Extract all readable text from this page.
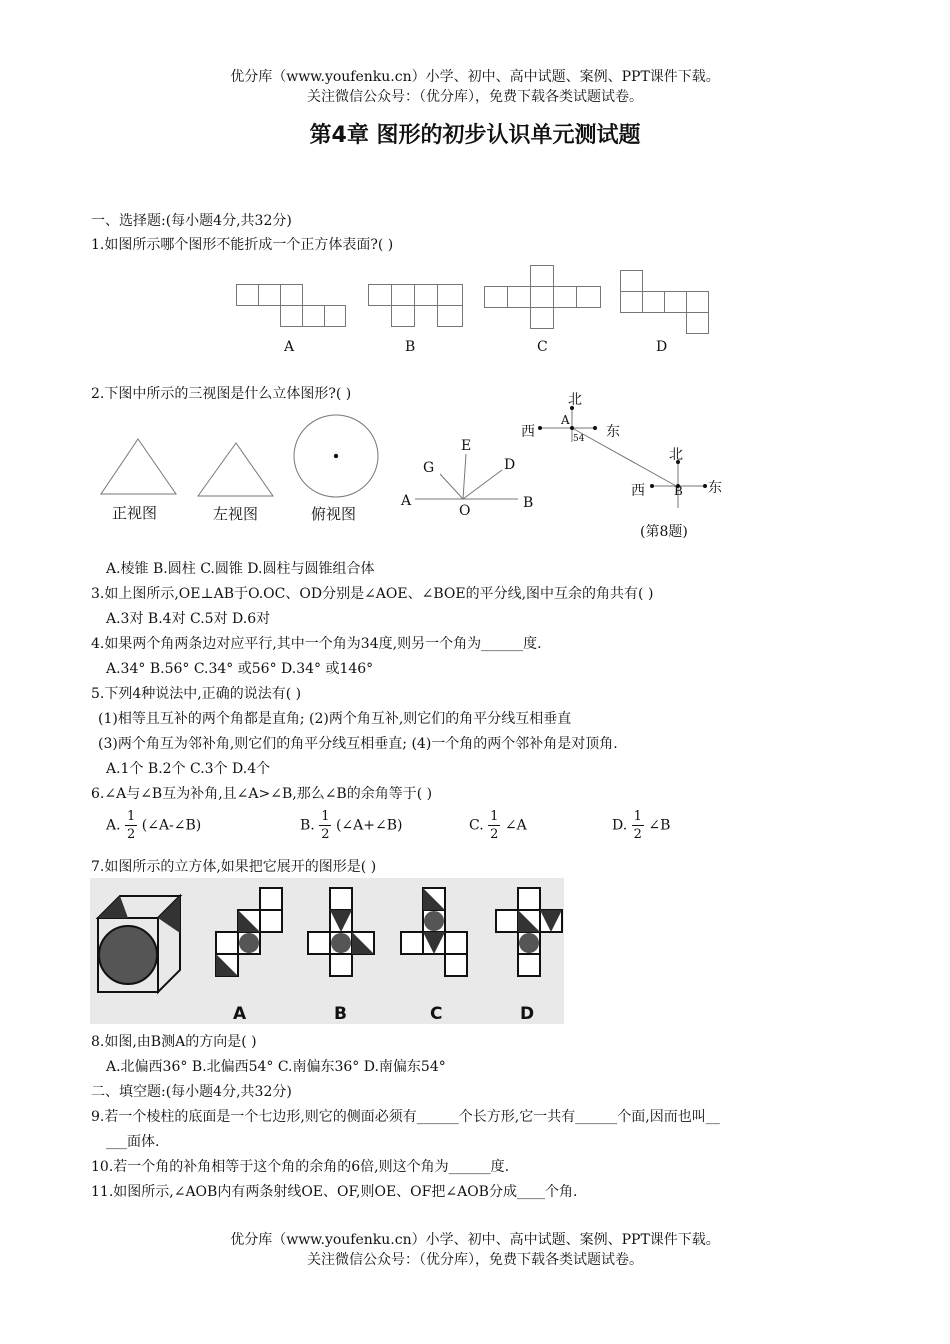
优分库（www.youfenku.cn）小学、初中、高中试题、案例、PPT课件下载。
关注微信公众号：（优分库），免费下载各类试题试卷。
第4章 图形的初步认识单元测试题
一、选择题:(每小题4分,共32分)
1.如图所示哪个图形不能折成一个正方体表面?( )
A	B	C	D
2.下图中所示的三视图是什么立体图形?( )
正视图	左视图	俯视图
A
O	B
G
E
D
北
西	东
A
54
北
西	东
B
(第8题)
A.棱锥 B.圆柱 C.圆锥 D.圆柱与圆锥组合体
3.如上图所示,OE⊥AB于O.OC、OD分别是∠AOE、∠BOE的平分线,图中互余的角共有( )
A.3对 B.4对 C.5对 D.6对
4.如果两个角两条边对应平行,其中一个角为34度,则另一个角为______度.
A.34° B.56° C.34° 或56° D.34° 或146°
5.下列4种说法中,正确的说法有( )
(1)相等且互补的两个角都是直角; (2)两个角互补,则它们的角平分线互相垂直
(3)两个角互为邻补角,则它们的角平分线互相垂直; (4)一个角的两个邻补角是对顶角.
A.1个 B.2个 C.3个 D.4个
6.∠A与∠B互为补角,且∠A>∠B,那么∠B的余角等于( )
A. $\frac{1}{2}$ (∠A-∠B)	B. $\frac{1}{2}$ (∠A+∠B)	C. $\frac{1}{2}$ ∠A	D. $\frac{1}{2}$ ∠B
7.如图所示的立方体,如果把它展开的图形是( )
A	B	C	D
8.如图,由B测A的方向是( )
A.北偏西36° B.北偏西54° C.南偏东36° D.南偏东54°
二、填空题:(每小题4分,共32分)
9.若一个棱柱的底面是一个七边形,则它的侧面必须有______个长方形,它一共有______个面,因而也叫__
___面体.
10.若一个角的补角相等于这个角的余角的6倍,则这个角为______度.
11.如图所示,∠AOB内有两条射线OE、OF,则OE、OF把∠AOB分成____个角.
优分库（www.youfenku.cn）小学、初中、高中试题、案例、PPT课件下载。
关注微信公众号：（优分库），免费下载各类试题试卷。
